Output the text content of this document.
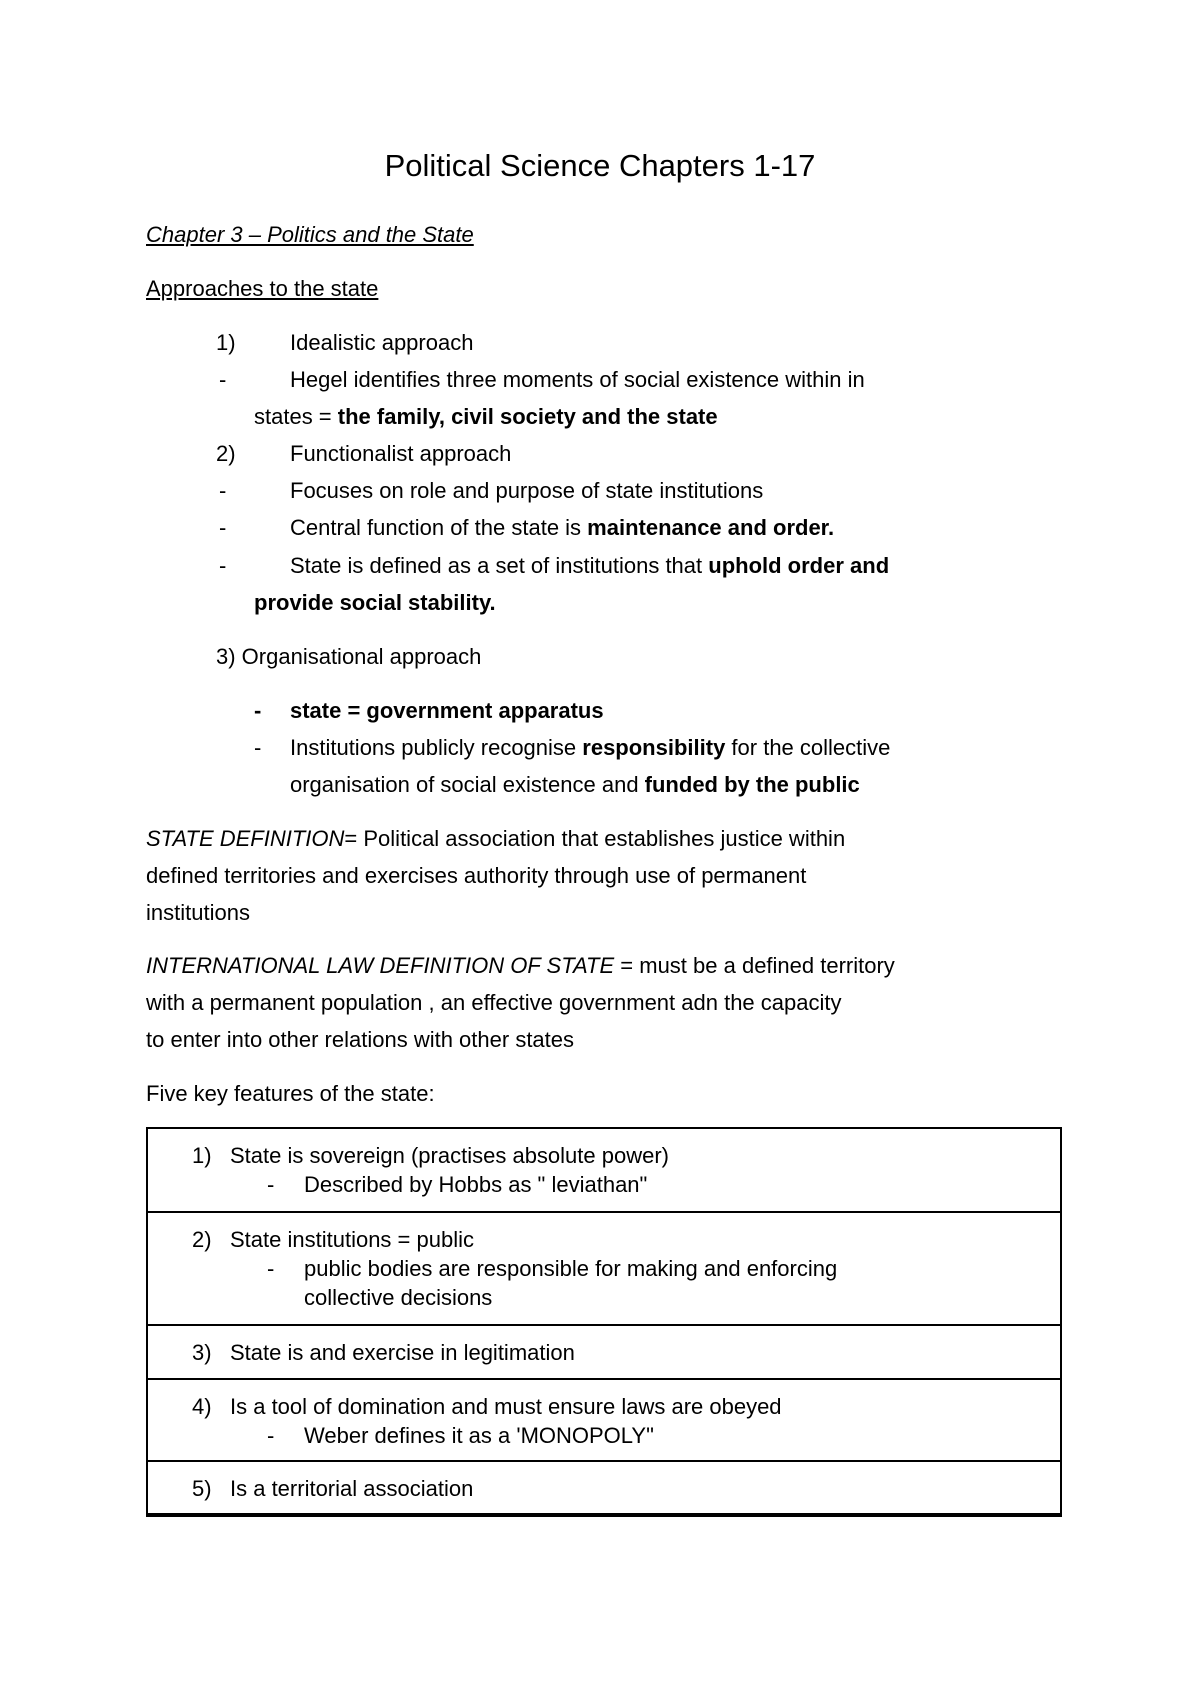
Political Science Chapters 1-17
Chapter 3 – Politics and the State
Approaches to the state
1) Idealistic approach
-	Hegel identifies three moments of social existence within in
states = the family, civil society and the state
2) Functionalist approach
-	Focuses on role and purpose of state institutions
-	Central function of the state is maintenance and order.
-	State is defined as a set of institutions that uphold order and
provide social stability.
3) Organisational approach
- state = government apparatus
- Institutions publicly recognise responsibility for the collective
organisation of social existence and funded by the public
STATE DEFINITION= Political association that establishes justice within
defined territories and exercises authority through use of permanent
institutions
INTERNATIONAL LAW DEFINITION OF STATE = must be a defined territory
with a permanent population , an effective government adn the capacity
to enter into other relations with other states
Five key features of the state:
1) State is sovereign (practises absolute power)
- Described by Hobbs as " leviathan"
2) State institutions = public
- public bodies are responsible for making and enforcing
collective decisions
3) State is and exercise in legitimation
4) Is a tool of domination and must ensure laws are obeyed
- Weber defines it as a 'MONOPOLY"
5) Is a territorial association
